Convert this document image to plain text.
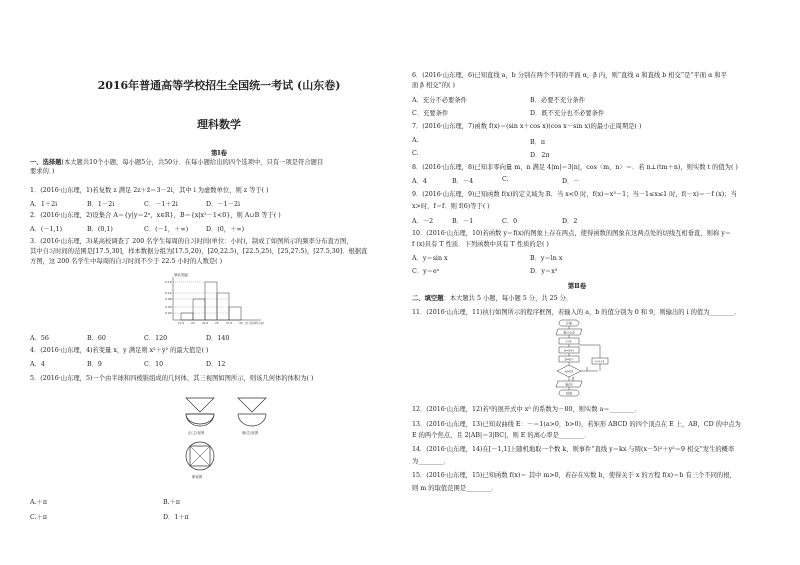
2016年普通高等学校招生全国统一考试 (山东卷)
理科数学
第Ⅰ卷
一、选择题(本大题共10个小题，每小题5分，共50分．在每小题给出的四个选项中，只有一项是符合题目
要求的．)
1．(2016·山东理，1)若复数 z 满足 2z＋z̄＝3－2i，其中 i 为虚数单位，则 z 等于( )
A．1＋2i	B．1－2i	C．－1＋2i	D．－1－2i
2．(2016·山东理，2)设集合 A＝{y|y＝2ˣ，x∈R}，B＝{x|x²－1<0}，则 A∪B 等于( )
A．(－1,1)	B．(0,1)	C．(－1，＋∞)	D．(0，＋∞)
3．(2016·山东理，3)某高校调查了 200 名学生每周的自习时间(单位：小时)，制成了如图所示的频率分布直方图，
其中自习时间的范围是[17.5,30]，样本数据分组为[17.5,20)，[20,22.5)，[22.5,25)，[25,27.5)，[27.5,30]．根据直
方图，这 200 名学生中每周的自习时间不少于 22.5 小时的人数是( )
频率/组距
0.16
0.10
0.08
0.04
0.02
17.5 20	22.5 25	27.5 30 自习时间/小时
A．56	B．60	C．120	D．140
4．(2016·山东理，4)若变量 x，y 满足则 x²＋y² 的最大值是( )
A．4	B．9	C．10	D．12
5．(2016·山东理，5)一个由半球和四棱锥组成的几何体，其三视图如图所示，则该几何体的体积为( )
正(主)视图	侧(左)视图
俯视图
A.＋π	B.＋π
C.＋π	D．1＋π
6．(2016·山东理，6)已知直线 a，b 分别在两个不同的平面 α，β 内，则“直线 a 和直线 b 相交”是“平面 α 和平
面 β 相交”的( )
A．充分不必要条件	B．必要不充分条件
C．充要条件	D．既不充分也不必要条件
7．(2016·山东理，7)函数 f(x)＝(sin x＋cos x)(cos x－sin x)的最小正周期是( )
A.	B．π
C.	D．2π
8．(2016·山东理，8)已知非零向量 m，n 满足 4|m|＝3|n|，cos〈m，n〉＝．若 n⊥(tm＋n)，则实数 t 的值为( )
A．4	B．－4	C.	D．－
9．(2016·山东理，9)已知函数 f(x)的定义域为 R．当 x<0 时，f(x)＝x³－1；当－1≤x≤1 时，f(－x)＝－f (x)；当
x>时，f＝f．则 f(6)等于( )
A．－2	B．－1	C．0	D．2
10．(2016·山东理，10)若函数 y＝f(x)的图象上存在两点，使得函数的图象在这两点处的切线互相垂直，则称 y＝
f (x)具有 T 性质．下列函数中具有 T 性质的是( )
A．y＝sin x	B．y＝ln x
C．y＝eˣ	D．y＝x³
第Ⅱ卷
二、填空题：本大题共 5 小题，每小题 5 分，共 25 分．
11．(2016·山东理，11)执行如图所示的程序框图，若输入的 a，b 的值分别为 0 和 9，则输出的 i 的值为________．
开始
输入a,b
i=1
a=a+i
b=b-i
a>b?
是
否
输出i
结束
i=i+1
12．(2016·山东理，12)若⁵的展开式中 x⁵ 的系数为－80，则实数 a＝________．
13．(2016·山东理，13)已知双曲线 E：－＝1(a>0，b>0)，若矩形 ABCD 的四个顶点在 E 上，AB，CD 的中点为
E 的两个焦点，且 2|AB|＝3|BC|，则 E 的离心率是________．
14．(2016·山东理，14)在[－1,1]上随机地取一个数 k，则事件“直线 y＝kx 与圆(x－5)²＋y²＝9 相交”发生的概率
为________．
15．(2016·山东理，15)已知函数 f(x)＝ 其中 m>0，若存在实数 b，使得关于 x 的方程 f(x)＝b 有三个不同的根，
则 m 的取值范围是________．
